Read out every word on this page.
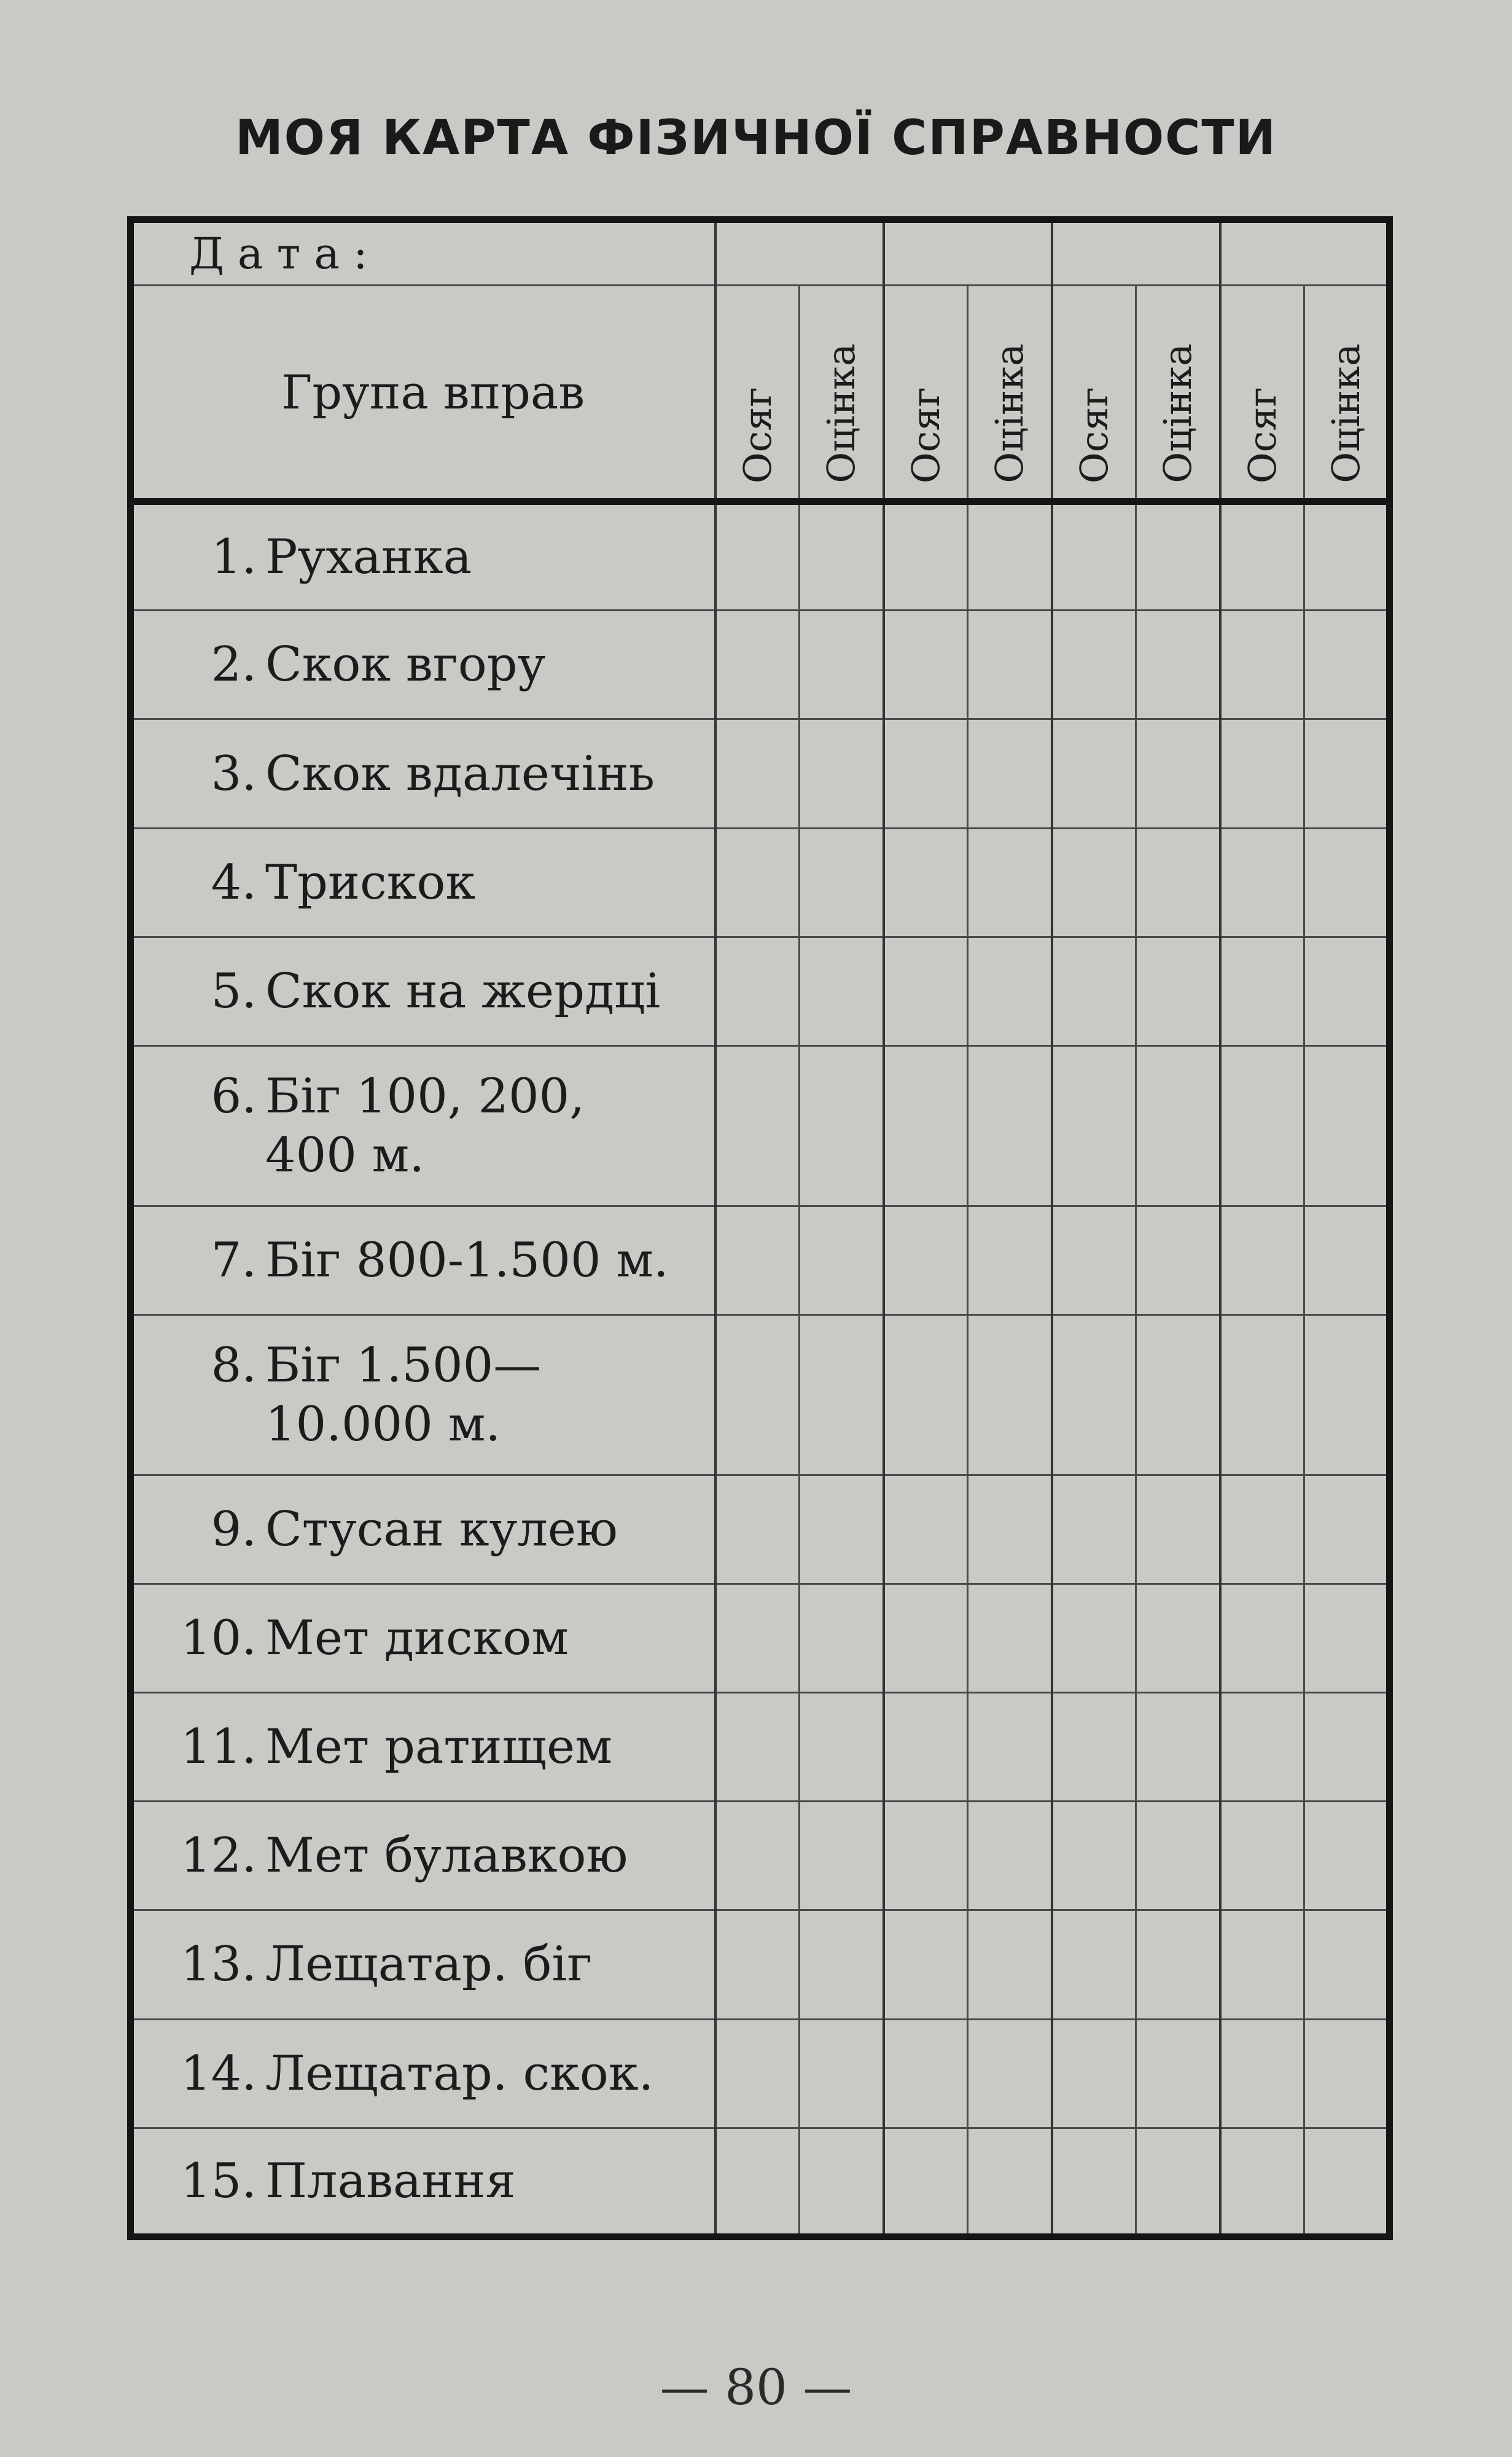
МОЯ КАРТА ФІЗИЧНОЇ СПРАВНОСТИ
Дата:								
Група вправ	Осяг	Оцінка	Осяг	Оцінка	Осяг	Оцінка	Осяг	Оцінка
1. Руханка								
2. Скок вгору								
3. Скок вдалечінь								
4. Трискок								
5. Скок на жердці								
6. Біг 100, 200, 400 м.								
7. Біг 800-1.500 м.								
8. Біг 1.500— 10.000 м.								
9. Стусан кулею								
10. Мет диском								
11. Мет ратищем								
12. Мет булавкою								
13. Лещатар. біг								
14. Лещатар. скок.								
15. Плавання								
— 80 —
